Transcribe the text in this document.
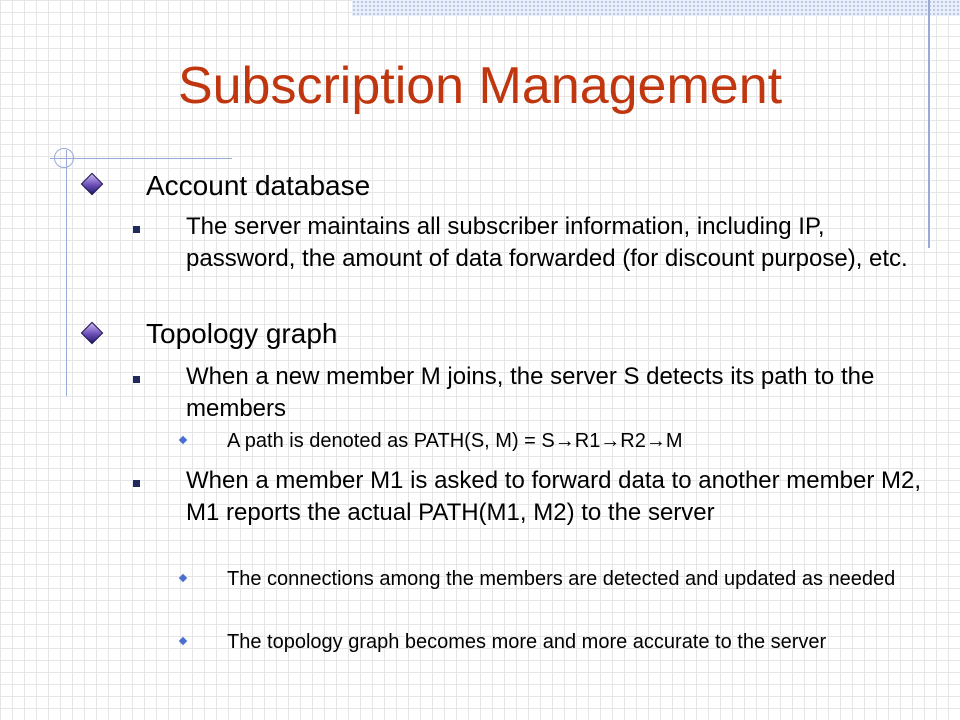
Subscription Management

Account database

The server maintains all subscriber information, including IP, password, the amount of data forwarded (for discount purpose), etc.

Topology graph

When a new member M joins, the server S detects its path to the members

A path is denoted as PATH(S, M) = S→R1→R2→M

When a member M1 is asked to forward data to another member M2, M1 reports the actual PATH(M1, M2) to the server

The connections among the members are detected and updated as needed

The topology graph becomes more and more accurate to the server
